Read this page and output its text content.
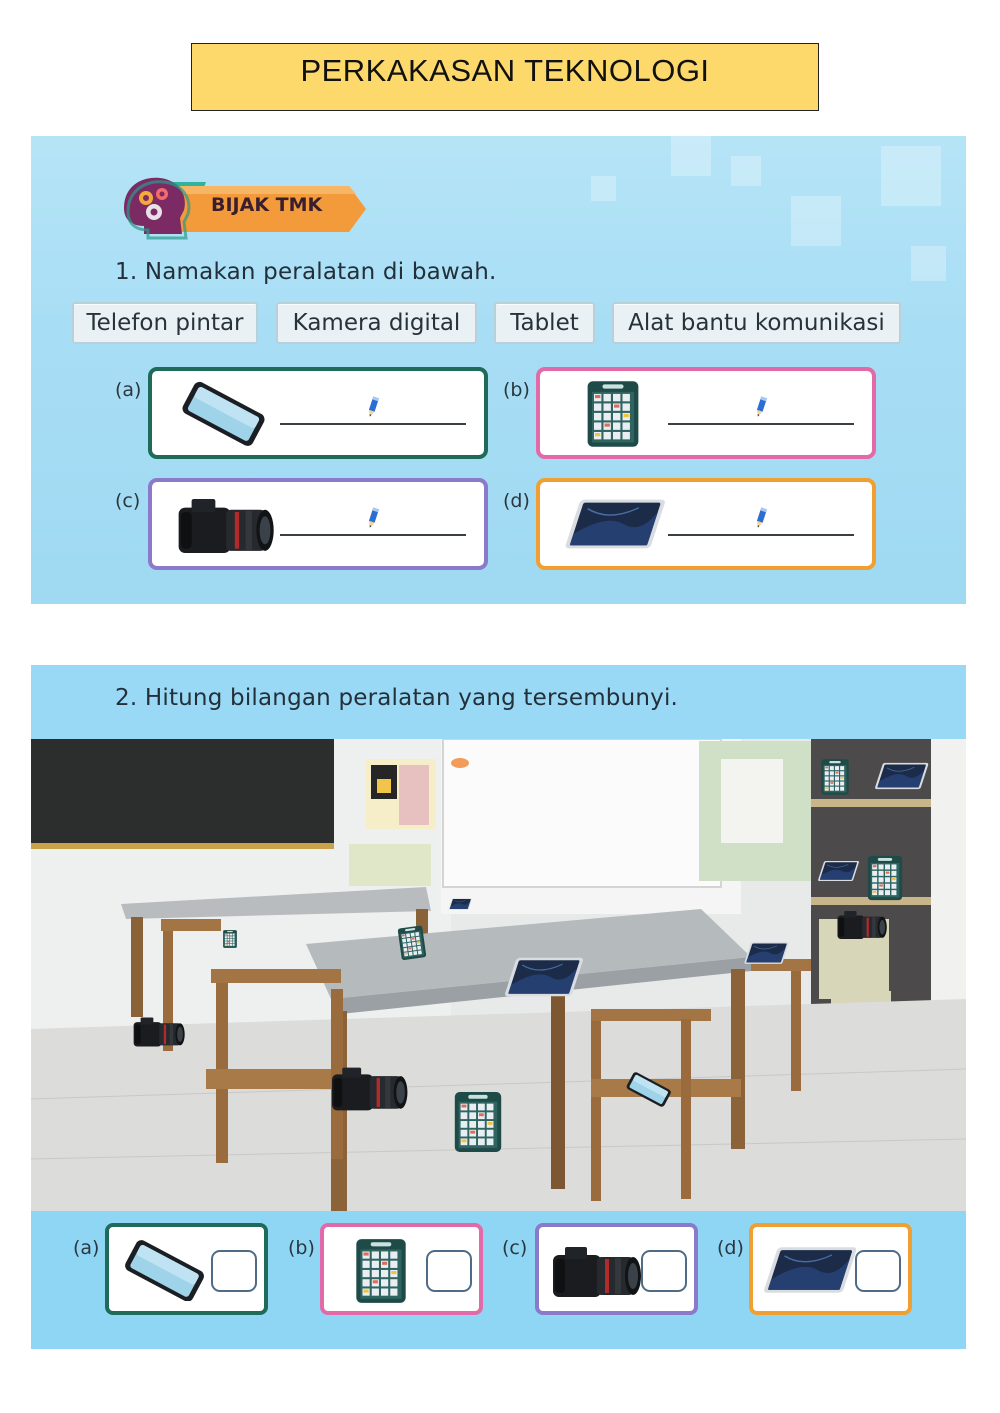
PERKAKASAN TEKNOLOGI
BIJAK TMK
1. Namakan peralatan di bawah.
Telefon pintar Kamera digital Tablet Alat bantu komunikasi
(a)	(b)
(c)	(d)
2. Hitung bilangan peralatan yang tersembunyi.
(a)	(b)	(c)	(d)
